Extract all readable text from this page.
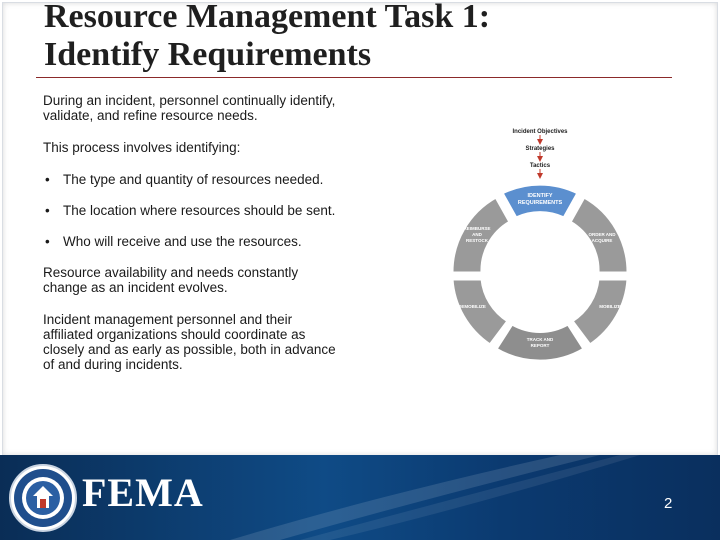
Resource Management Task 1:
Identify Requirements

During an incident, personnel continually identify, validate, and refine resource needs.

This process involves identifying:

• The type and quantity of resources needed.
• The location where resources should be sent.
• Who will receive and use the resources.

Resource availability and needs constantly change as an incident evolves.

Incident management personnel and their affiliated organizations should coordinate as closely and as early as possible, both in advance of and during incidents.

Incident Objectives
Strategies
Tactics
IDENTIFY
REQUIREMENTS
ORDER AND
ACQUIRE
MOBILIZE
TRACK AND
REPORT
DEMOBILIZE
REIMBURSE
AND
RESTOCK
FEMA	2
